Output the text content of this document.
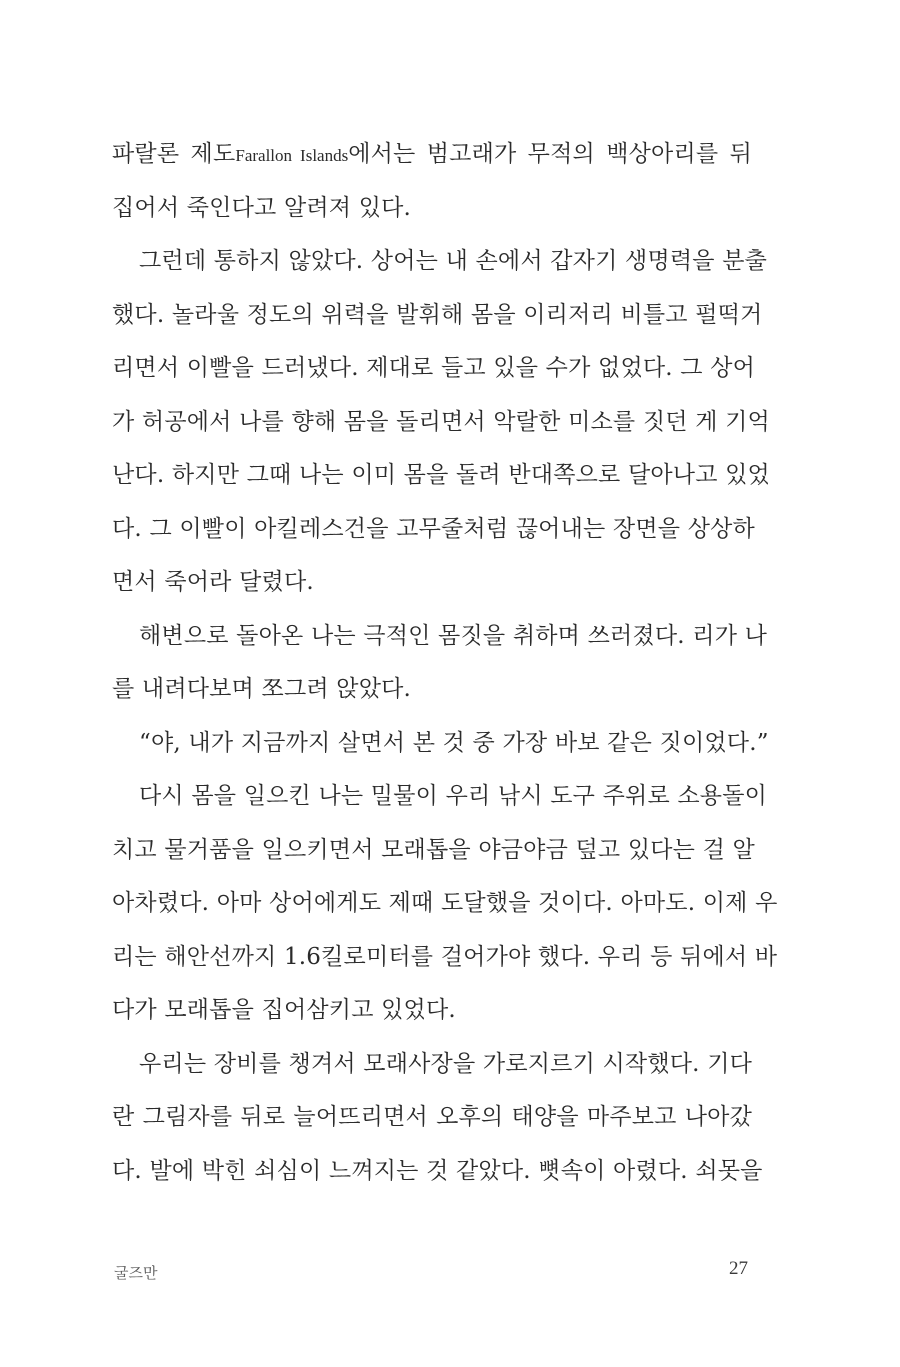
파랄론 제도Farallon Islands에서는 범고래가 무적의 백상아리를 뒤
집어서 죽인다고 알려져 있다.
그런데 통하지 않았다. 상어는 내 손에서 갑자기 생명력을 분출
했다. 놀라울 정도의 위력을 발휘해 몸을 이리저리 비틀고 펄떡거
리면서 이빨을 드러냈다. 제대로 들고 있을 수가 없었다. 그 상어
가 허공에서 나를 향해 몸을 돌리면서 악랄한 미소를 짓던 게 기억
난다. 하지만 그때 나는 이미 몸을 돌려 반대쪽으로 달아나고 있었
다. 그 이빨이 아킬레스건을 고무줄처럼 끊어내는 장면을 상상하
면서 죽어라 달렸다.
해변으로 돌아온 나는 극적인 몸짓을 취하며 쓰러졌다. 리가 나
를 내려다보며 쪼그려 앉았다.
“야, 내가 지금까지 살면서 본 것 중 가장 바보 같은 짓이었다.”
다시 몸을 일으킨 나는 밀물이 우리 낚시 도구 주위로 소용돌이
치고 물거품을 일으키면서 모래톱을 야금야금 덮고 있다는 걸 알
아차렸다. 아마 상어에게도 제때 도달했을 것이다. 아마도. 이제 우
리는 해안선까지 1.6킬로미터를 걸어가야 했다. 우리 등 뒤에서 바
다가 모래톱을 집어삼키고 있었다.
우리는 장비를 챙겨서 모래사장을 가로지르기 시작했다. 기다
란 그림자를 뒤로 늘어뜨리면서 오후의 태양을 마주보고 나아갔
다. 발에 박힌 쇠심이 느껴지는 것 같았다. 뼛속이 아렸다. 쇠못을
굴즈만	27
